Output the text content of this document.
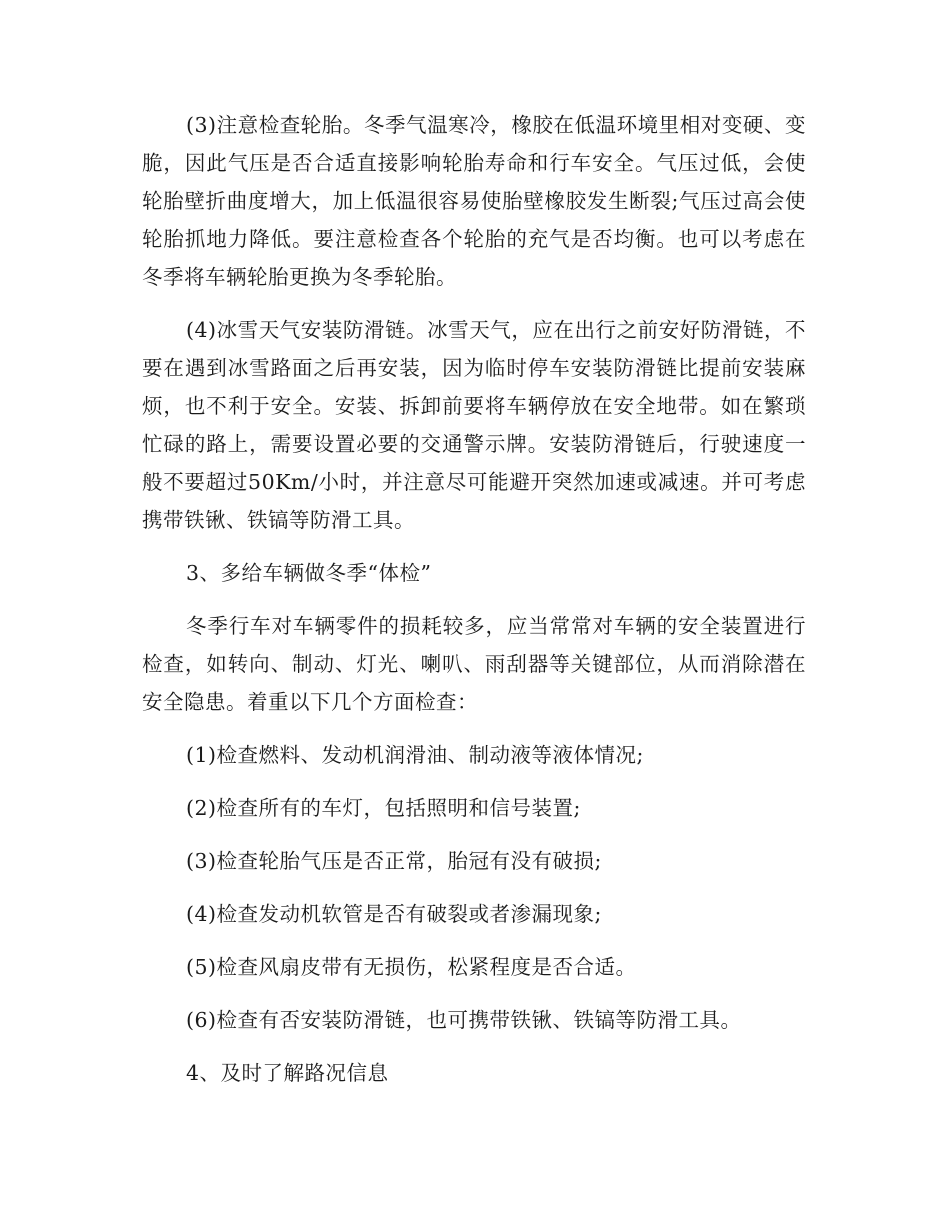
(3)注意检查轮胎。冬季气温寒冷，橡胶在低温环境里相对变硬、变脆，因此气压是否合适直接影响轮胎寿命和行车安全。气压过低，会使轮胎壁折曲度增大，加上低温很容易使胎壁橡胶发生断裂;气压过高会使轮胎抓地力降低。要注意检查各个轮胎的充气是否均衡。也可以考虑在冬季将车辆轮胎更换为冬季轮胎。

(4)冰雪天气安装防滑链。冰雪天气，应在出行之前安好防滑链，不要在遇到冰雪路面之后再安装，因为临时停车安装防滑链比提前安装麻烦，也不利于安全。安装、拆卸前要将车辆停放在安全地带。如在繁琐忙碌的路上，需要设置必要的交通警示牌。安装防滑链后，行驶速度一般不要超过50Km/小时，并注意尽可能避开突然加速或减速。并可考虑携带铁锹、铁镐等防滑工具。

3、多给车辆做冬季“体检”

冬季行车对车辆零件的损耗较多，应当常常对车辆的安全装置进行检查，如转向、制动、灯光、喇叭、雨刮器等关键部位，从而消除潜在安全隐患。着重以下几个方面检查：

(1)检查燃料、发动机润滑油、制动液等液体情况;

(2)检查所有的车灯，包括照明和信号装置;

(3)检查轮胎气压是否正常，胎冠有没有破损;

(4)检查发动机软管是否有破裂或者渗漏现象;

(5)检查风扇皮带有无损伤，松紧程度是否合适。

(6)检查有否安装防滑链，也可携带铁锹、铁镐等防滑工具。

4、及时了解路况信息
